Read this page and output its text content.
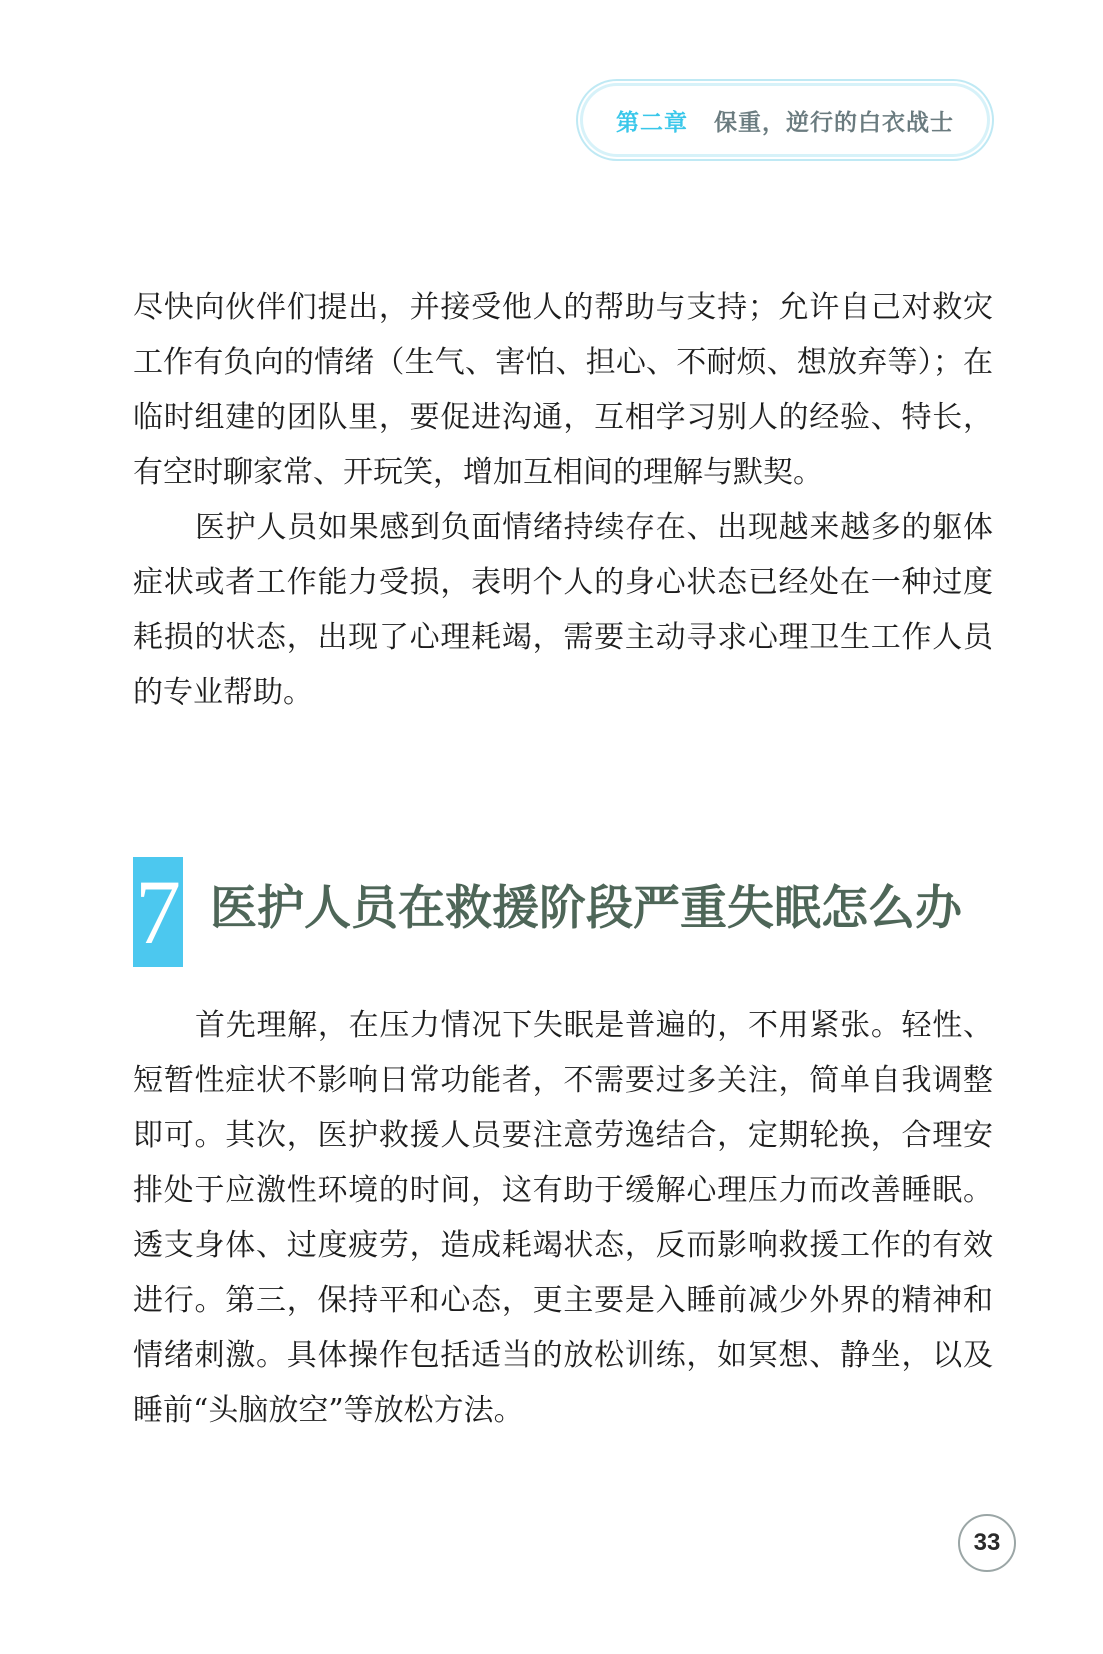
第二章 保重，逆行的白衣战士

尽快向伙伴们提出，并接受他人的帮助与支持；允许自己对救灾工作有负向的情绪（生气、害怕、担心、不耐烦、想放弃等）；在临时组建的团队里，要促进沟通，互相学习别人的经验、特长，有空时聊家常、开玩笑，增加互相间的理解与默契。

医护人员如果感到负面情绪持续存在、出现越来越多的躯体症状或者工作能力受损，表明个人的身心状态已经处在一种过度耗损的状态，出现了心理耗竭，需要主动寻求心理卫生工作人员的专业帮助。

7 医护人员在救援阶段严重失眠怎么办

首先理解，在压力情况下失眠是普遍的，不用紧张。轻性、短暂性症状不影响日常功能者，不需要过多关注，简单自我调整即可。其次，医护救援人员要注意劳逸结合，定期轮换，合理安排处于应激性环境的时间，这有助于缓解心理压力而改善睡眠。透支身体、过度疲劳，造成耗竭状态，反而影响救援工作的有效进行。第三，保持平和心态，更主要是入睡前减少外界的精神和情绪刺激。具体操作包括适当的放松训练，如冥想、静坐，以及睡前“头脑放空”等放松方法。

33
